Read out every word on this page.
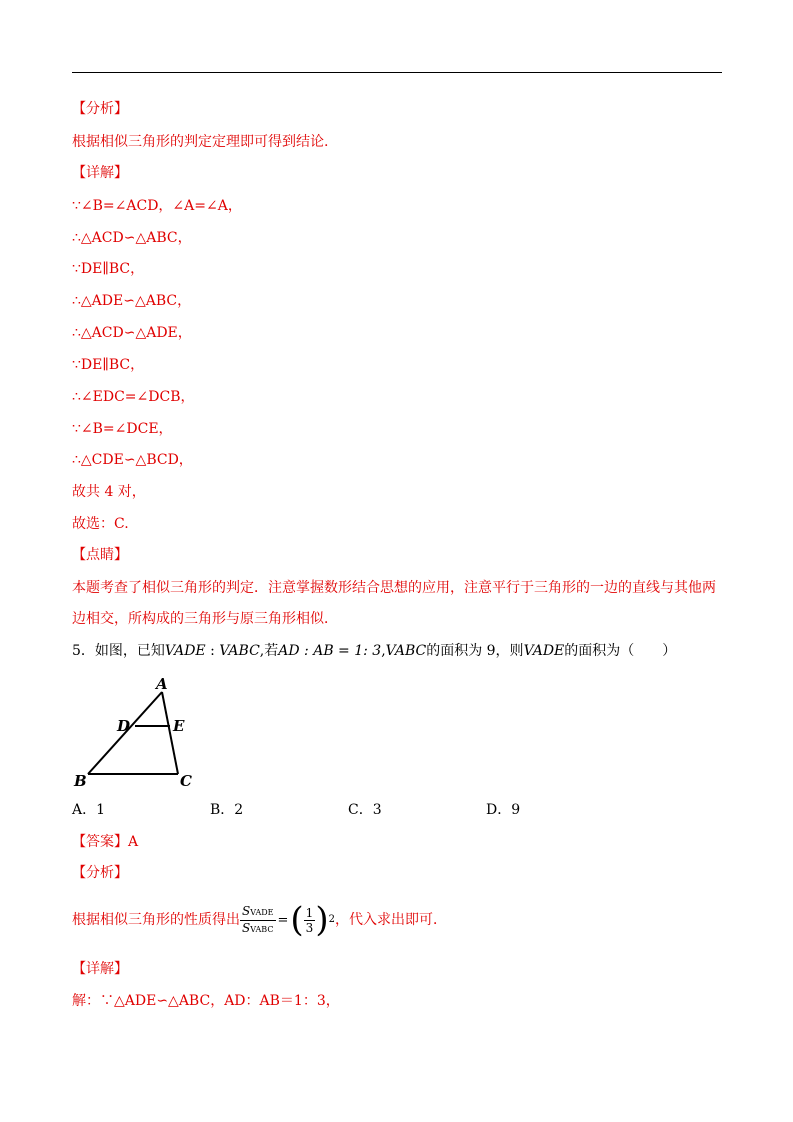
【分析】
根据相似三角形的判定定理即可得到结论.
【详解】
∵∠B=∠ACD，∠A=∠A，
∴△ACD∽△ABC，
∵DE∥BC，
∴△ADE∽△ABC，
∴△ACD∽△ADE，
∵DE∥BC，
∴∠EDC=∠DCB，
∵∠B=∠DCE，
∴△CDE∽△BCD，
故共 4 对，
故选：C.
【点睛】
本题考查了相似三角形的判定．注意掌握数形结合思想的应用，注意平行于三角形的一边的直线与其他两
边相交，所构成的三角形与原三角形相似．
5．如图，已知VADE : VABC,若AD : AB = 1: 3,VABC的面积为 9，则VADE的面积为（　　）
A
D	E
B	C
A．1	B．2	C．3	D．9
【答案】A
【分析】
根据相似三角形的性质得出 $\frac{\text{SVADE}}{\text{SVABC}}$ =( $\frac{1}{3} )^2$，代入求出即可．
【详解】
解：∵△ADE∽△ABC，AD：AB＝1：3，
